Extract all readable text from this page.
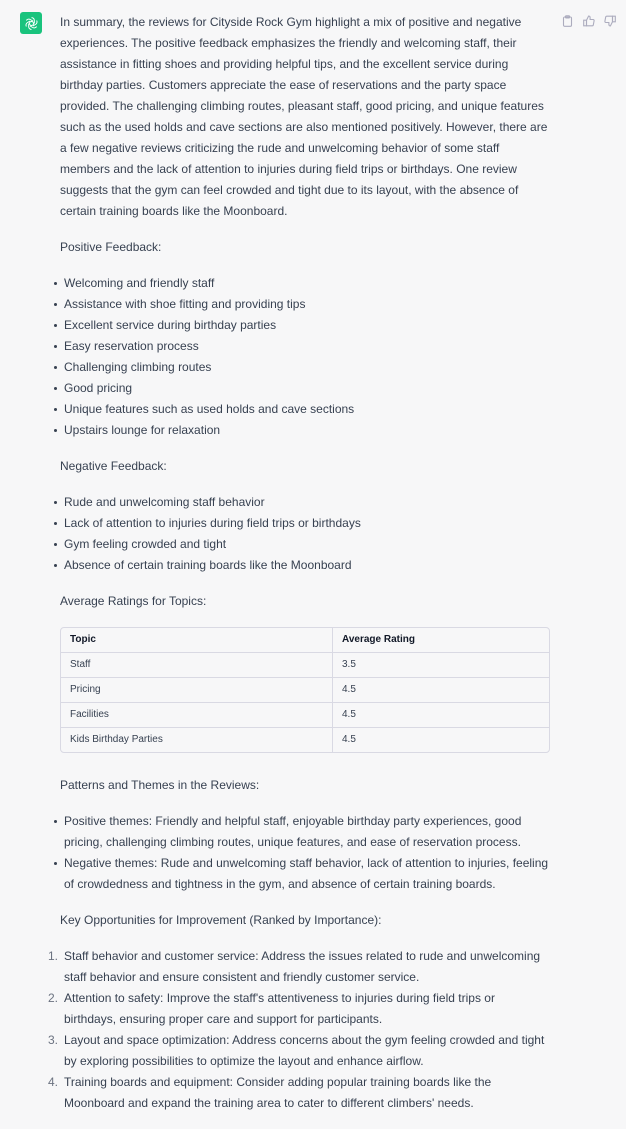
In summary, the reviews for Cityside Rock Gym highlight a mix of positive and negative experiences. The positive feedback emphasizes the friendly and welcoming staff, their assistance in fitting shoes and providing helpful tips, and the excellent service during birthday parties. Customers appreciate the ease of reservations and the party space provided. The challenging climbing routes, pleasant staff, good pricing, and unique features such as the used holds and cave sections are also mentioned positively. However, there are a few negative reviews criticizing the rude and unwelcoming behavior of some staff members and the lack of attention to injuries during field trips or birthdays. One review suggests that the gym can feel crowded and tight due to its layout, with the absence of certain training boards like the Moonboard.

Positive Feedback:

Welcoming and friendly staff
Assistance with shoe fitting and providing tips
Excellent service during birthday parties
Easy reservation process
Challenging climbing routes
Good pricing
Unique features such as used holds and cave sections
Upstairs lounge for relaxation

Negative Feedback:

Rude and unwelcoming staff behavior
Lack of attention to injuries during field trips or birthdays
Gym feeling crowded and tight
Absence of certain training boards like the Moonboard

Average Ratings for Topics:

Topic	Average Rating
Staff	3.5
Pricing	4.5
Facilities	4.5
Kids Birthday Parties	4.5

Patterns and Themes in the Reviews:

Positive themes: Friendly and helpful staff, enjoyable birthday party experiences, good pricing, challenging climbing routes, unique features, and ease of reservation process.
Negative themes: Rude and unwelcoming staff behavior, lack of attention to injuries, feeling of crowdedness and tightness in the gym, and absence of certain training boards.

Key Opportunities for Improvement (Ranked by Importance):

1. Staff behavior and customer service: Address the issues related to rude and unwelcoming staff behavior and ensure consistent and friendly customer service.
2. Attention to safety: Improve the staff's attentiveness to injuries during field trips or birthdays, ensuring proper care and support for participants.
3. Layout and space optimization: Address concerns about the gym feeling crowded and tight by exploring possibilities to optimize the layout and enhance airflow.
4. Training boards and equipment: Consider adding popular training boards like the Moonboard and expand the training area to cater to different climbers' needs.
